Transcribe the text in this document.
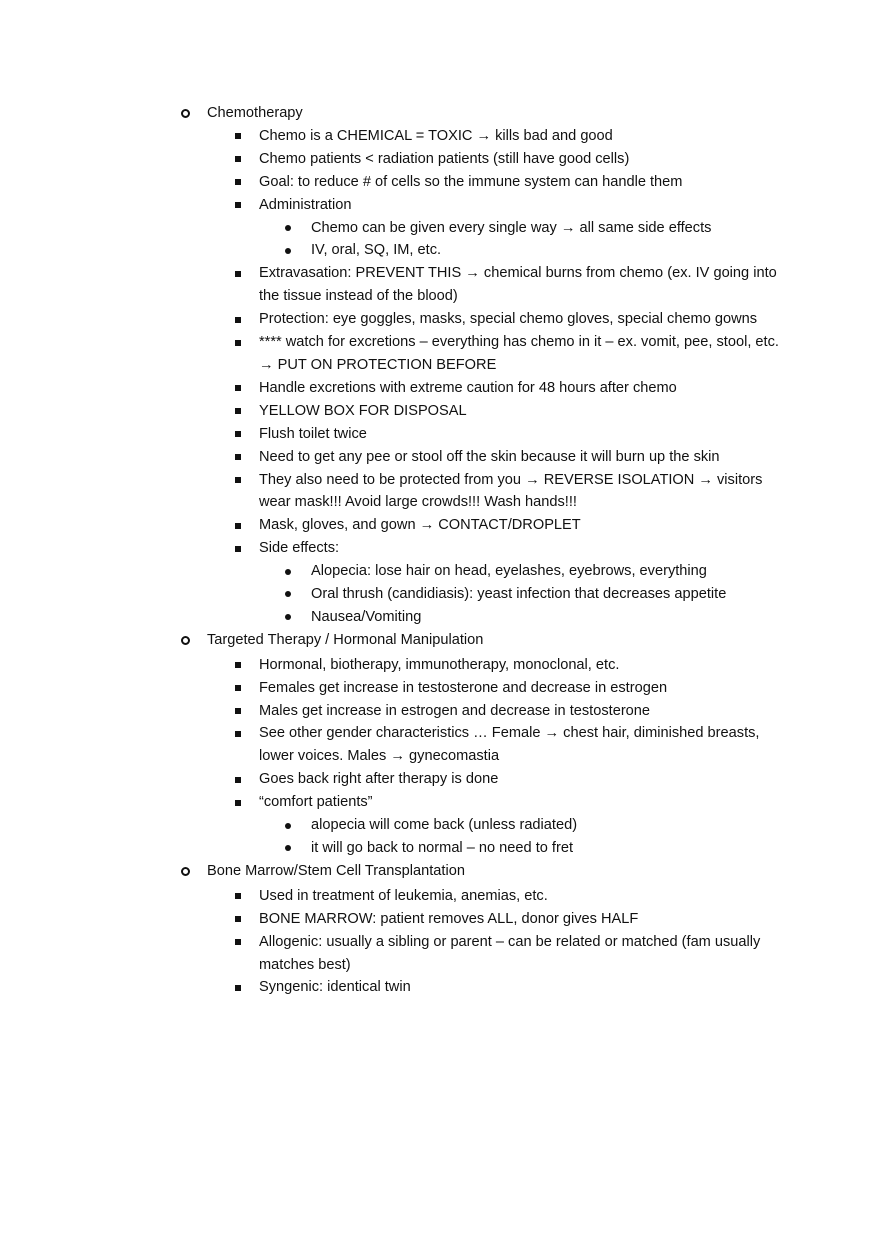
Chemotherapy
Chemo is a CHEMICAL = TOXIC → kills bad and good
Chemo patients < radiation patients (still have good cells)
Goal: to reduce # of cells so the immune system can handle them
Administration
Chemo can be given every single way → all same side effects
IV, oral, SQ, IM, etc.
Extravasation: PREVENT THIS → chemical burns from chemo (ex. IV going into the tissue instead of the blood)
Protection: eye goggles, masks, special chemo gloves, special chemo gowns
**** watch for excretions – everything has chemo in it – ex. vomit, pee, stool, etc. → PUT ON PROTECTION BEFORE
Handle excretions with extreme caution for 48 hours after chemo
YELLOW BOX FOR DISPOSAL
Flush toilet twice
Need to get any pee or stool off the skin because it will burn up the skin
They also need to be protected from you → REVERSE ISOLATION → visitors wear mask!!! Avoid large crowds!!! Wash hands!!!
Mask, gloves, and gown → CONTACT/DROPLET
Side effects:
Alopecia: lose hair on head, eyelashes, eyebrows, everything
Oral thrush (candidiasis): yeast infection that decreases appetite
Nausea/Vomiting
Targeted Therapy / Hormonal Manipulation
Hormonal, biotherapy, immunotherapy, monoclonal, etc.
Females get increase in testosterone and decrease in estrogen
Males get increase in estrogen and decrease in testosterone
See other gender characteristics … Female → chest hair, diminished breasts, lower voices. Males → gynecomastia
Goes back right after therapy is done
“comfort patients”
alopecia will come back (unless radiated)
it will go back to normal – no need to fret
Bone Marrow/Stem Cell Transplantation
Used in treatment of leukemia, anemias, etc.
BONE MARROW: patient removes ALL, donor gives HALF
Allogenic: usually a sibling or parent – can be related or matched (fam usually matches best)
Syngenic: identical twin
